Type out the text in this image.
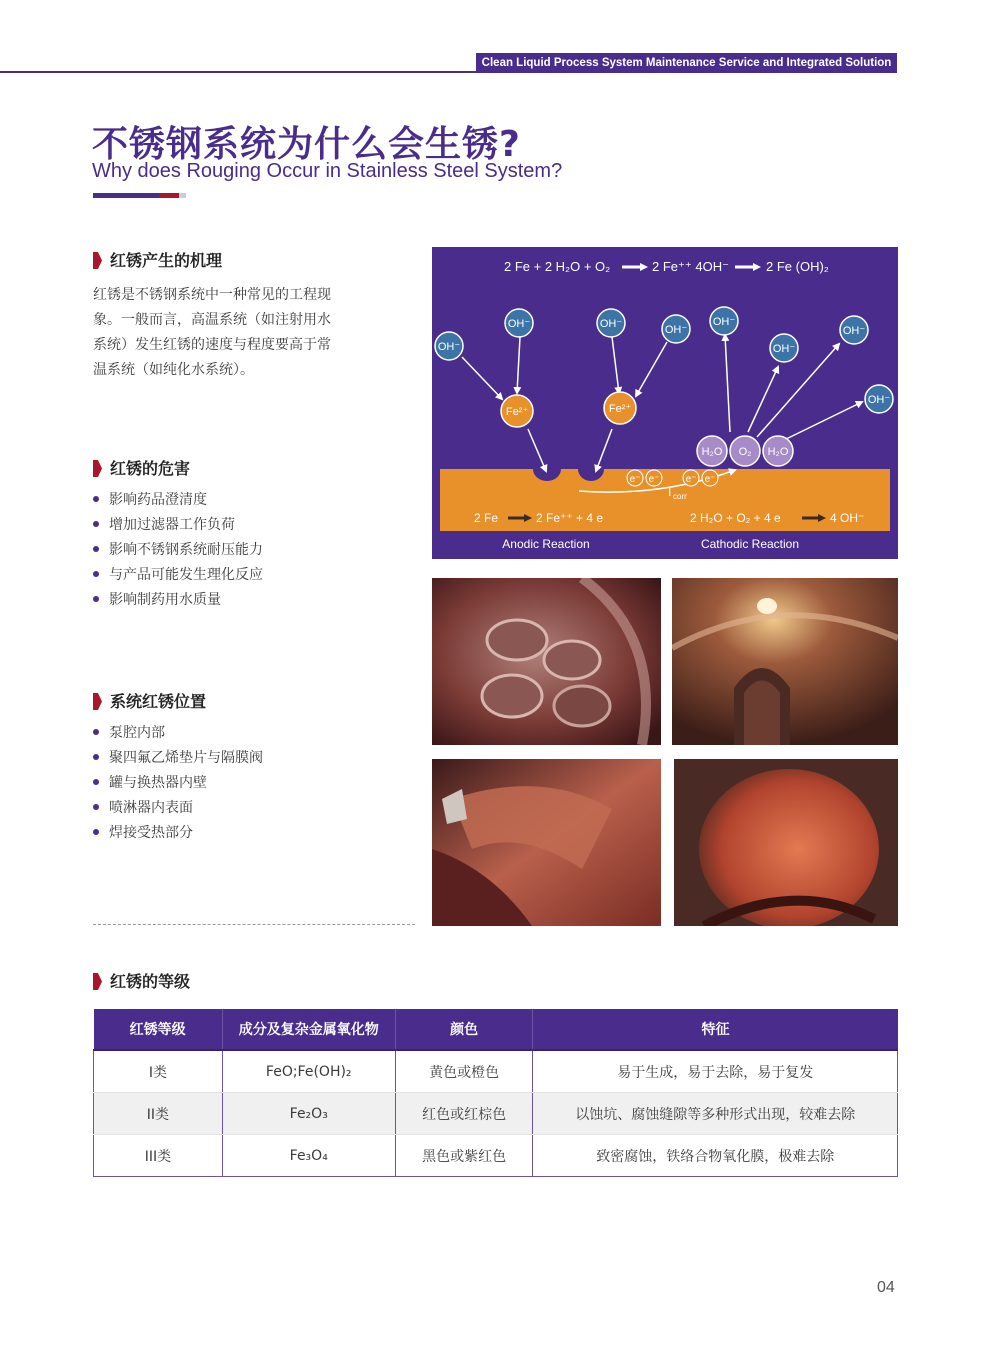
Clean Liquid Process System Maintenance Service and Integrated Solution
不锈钢系统为什么会生锈?
Why does Rouging Occur in Stainless Steel System?
红锈产生的机理
红锈是不锈钢系统中一种常见的工程现象。一般而言，高温系统（如注射用水系统）发生红锈的速度与程度要高于常温系统（如纯化水系统）。
红锈的危害
影响药品澄清度
增加过滤器工作负荷
影响不锈钢系统耐压能力
与产品可能发生理化反应
影响制药用水质量
系统红锈位置
泵腔内部
聚四氟乙烯垫片与隔膜阀
罐与换热器内壁
喷淋器内表面
焊接受热部分
2 Fe + 2 H₂O + O₂	2 Fe⁺⁺ 4OH⁻	2 Fe (OH)₂
OH⁻
OH⁻	OH⁻	OH⁻
OH⁻
OH⁻
OH⁻
OH⁻
Fe²⁺	Fe²⁺
H₂O O₂ H₂O
e⁻ e⁻	e⁻ e⁻
I corr
2 Fe	2 Fe⁺⁺ + 4 e	2 H₂O + O₂ + 4 e	4 OH⁻
Anodic Reaction	Cathodic Reaction
红锈的等级
红锈等级	成分及复杂金属氧化物	颜色	特征
I类	FeO;Fe(OH)₂	黄色或橙色	易于生成，易于去除，易于复发
II类	Fe₂O₃	红色或红棕色	以蚀坑、腐蚀缝隙等多种形式出现，较难去除
III类	Fe₃O₄	黑色或紫红色	致密腐蚀，铁络合物氧化膜，极难去除
04
